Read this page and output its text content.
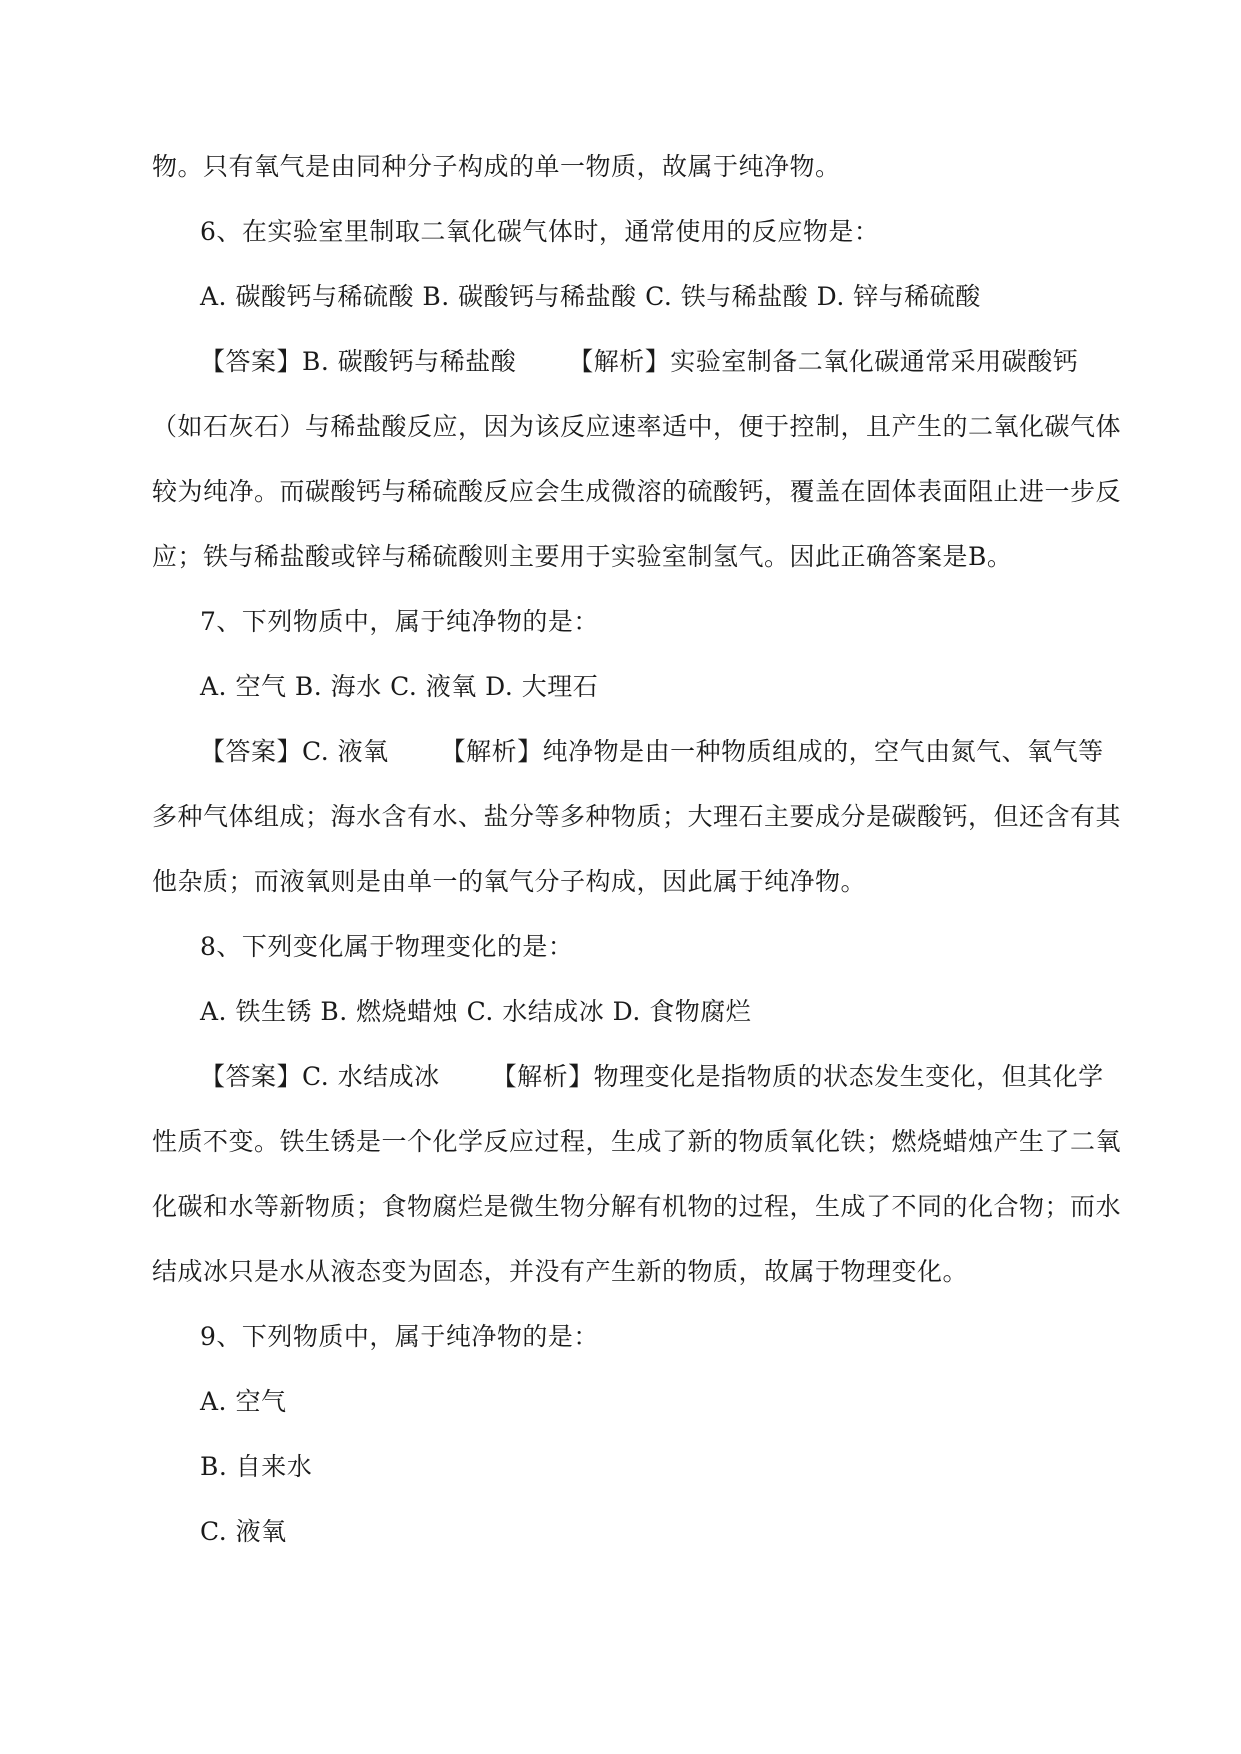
物。只有氧气是由同种分子构成的单一物质，故属于纯净物。
6、在实验室里制取二氧化碳气体时，通常使用的反应物是：
A. 碳酸钙与稀硫酸 B. 碳酸钙与稀盐酸 C. 铁与稀盐酸 D. 锌与稀硫酸
【答案】B. 碳酸钙与稀盐酸 【解析】实验室制备二氧化碳通常采用碳酸钙
（如石灰石）与稀盐酸反应，因为该反应速率适中，便于控制，且产生的二氧化碳气体
较为纯净。而碳酸钙与稀硫酸反应会生成微溶的硫酸钙，覆盖在固体表面阻止进一步反
应；铁与稀盐酸或锌与稀硫酸则主要用于实验室制氢气。因此正确答案是B。
7、下列物质中，属于纯净物的是：
A. 空气 B. 海水 C. 液氧 D. 大理石
【答案】C. 液氧 【解析】纯净物是由一种物质组成的，空气由氮气、氧气等
多种气体组成；海水含有水、盐分等多种物质；大理石主要成分是碳酸钙，但还含有其
他杂质；而液氧则是由单一的氧气分子构成，因此属于纯净物。
8、下列变化属于物理变化的是：
A. 铁生锈 B. 燃烧蜡烛 C. 水结成冰 D. 食物腐烂
【答案】C. 水结成冰 【解析】物理变化是指物质的状态发生变化，但其化学
性质不变。铁生锈是一个化学反应过程，生成了新的物质氧化铁；燃烧蜡烛产生了二氧
化碳和水等新物质；食物腐烂是微生物分解有机物的过程，生成了不同的化合物；而水
结成冰只是水从液态变为固态，并没有产生新的物质，故属于物理变化。
9、下列物质中，属于纯净物的是：
A. 空气
B. 自来水
C. 液氧
